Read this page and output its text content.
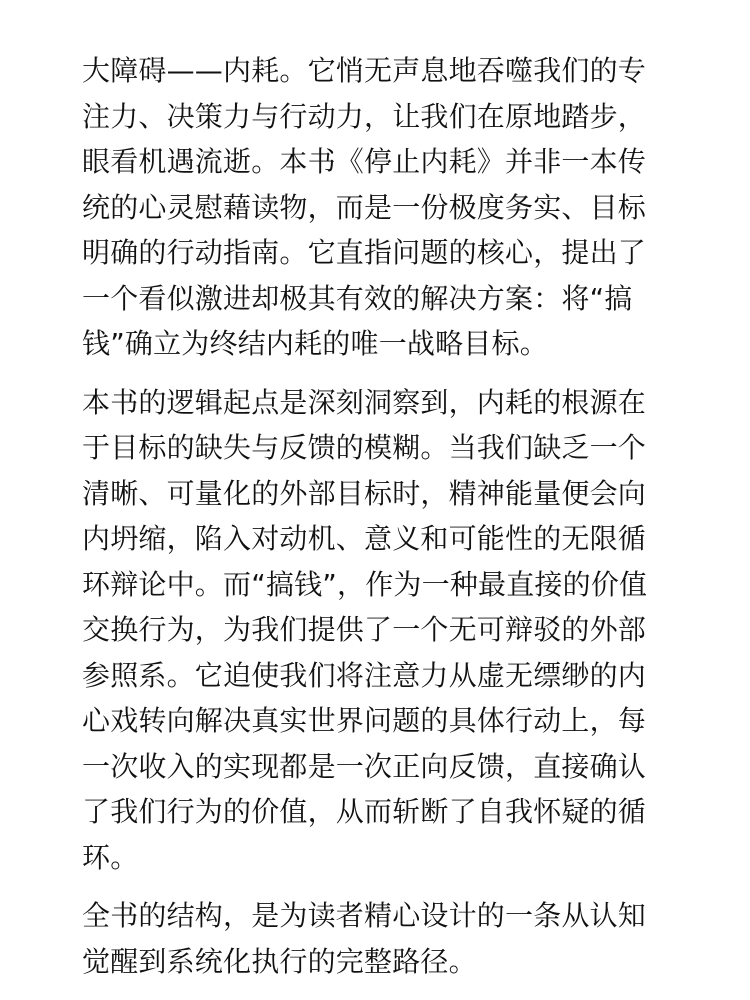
大障碍——内耗。它悄无声息地吞噬我们的专注力、决策力与行动力，让我们在原地踏步，眼看机遇流逝。本书《停止内耗》并非一本传统的心灵慰藉读物，而是一份极度务实、目标明确的行动指南。它直指问题的核心，提出了一个看似激进却极其有效的解决方案：将“搞钱”确立为终结内耗的唯一战略目标。

本书的逻辑起点是深刻洞察到，内耗的根源在于目标的缺失与反馈的模糊。当我们缺乏一个清晰、可量化的外部目标时，精神能量便会向内坍缩，陷入对动机、意义和可能性的无限循环辩论中。而“搞钱”，作为一种最直接的价值交换行为，为我们提供了一个无可辩驳的外部参照系。它迫使我们将注意力从虚无缥缈的内心戏转向解决真实世界问题的具体行动上，每一次收入的实现都是一次正向反馈，直接确认了我们行为的价值，从而斩断了自我怀疑的循环。

全书的结构，是为读者精心设计的一条从认知觉醒到系统化执行的完整路径。
